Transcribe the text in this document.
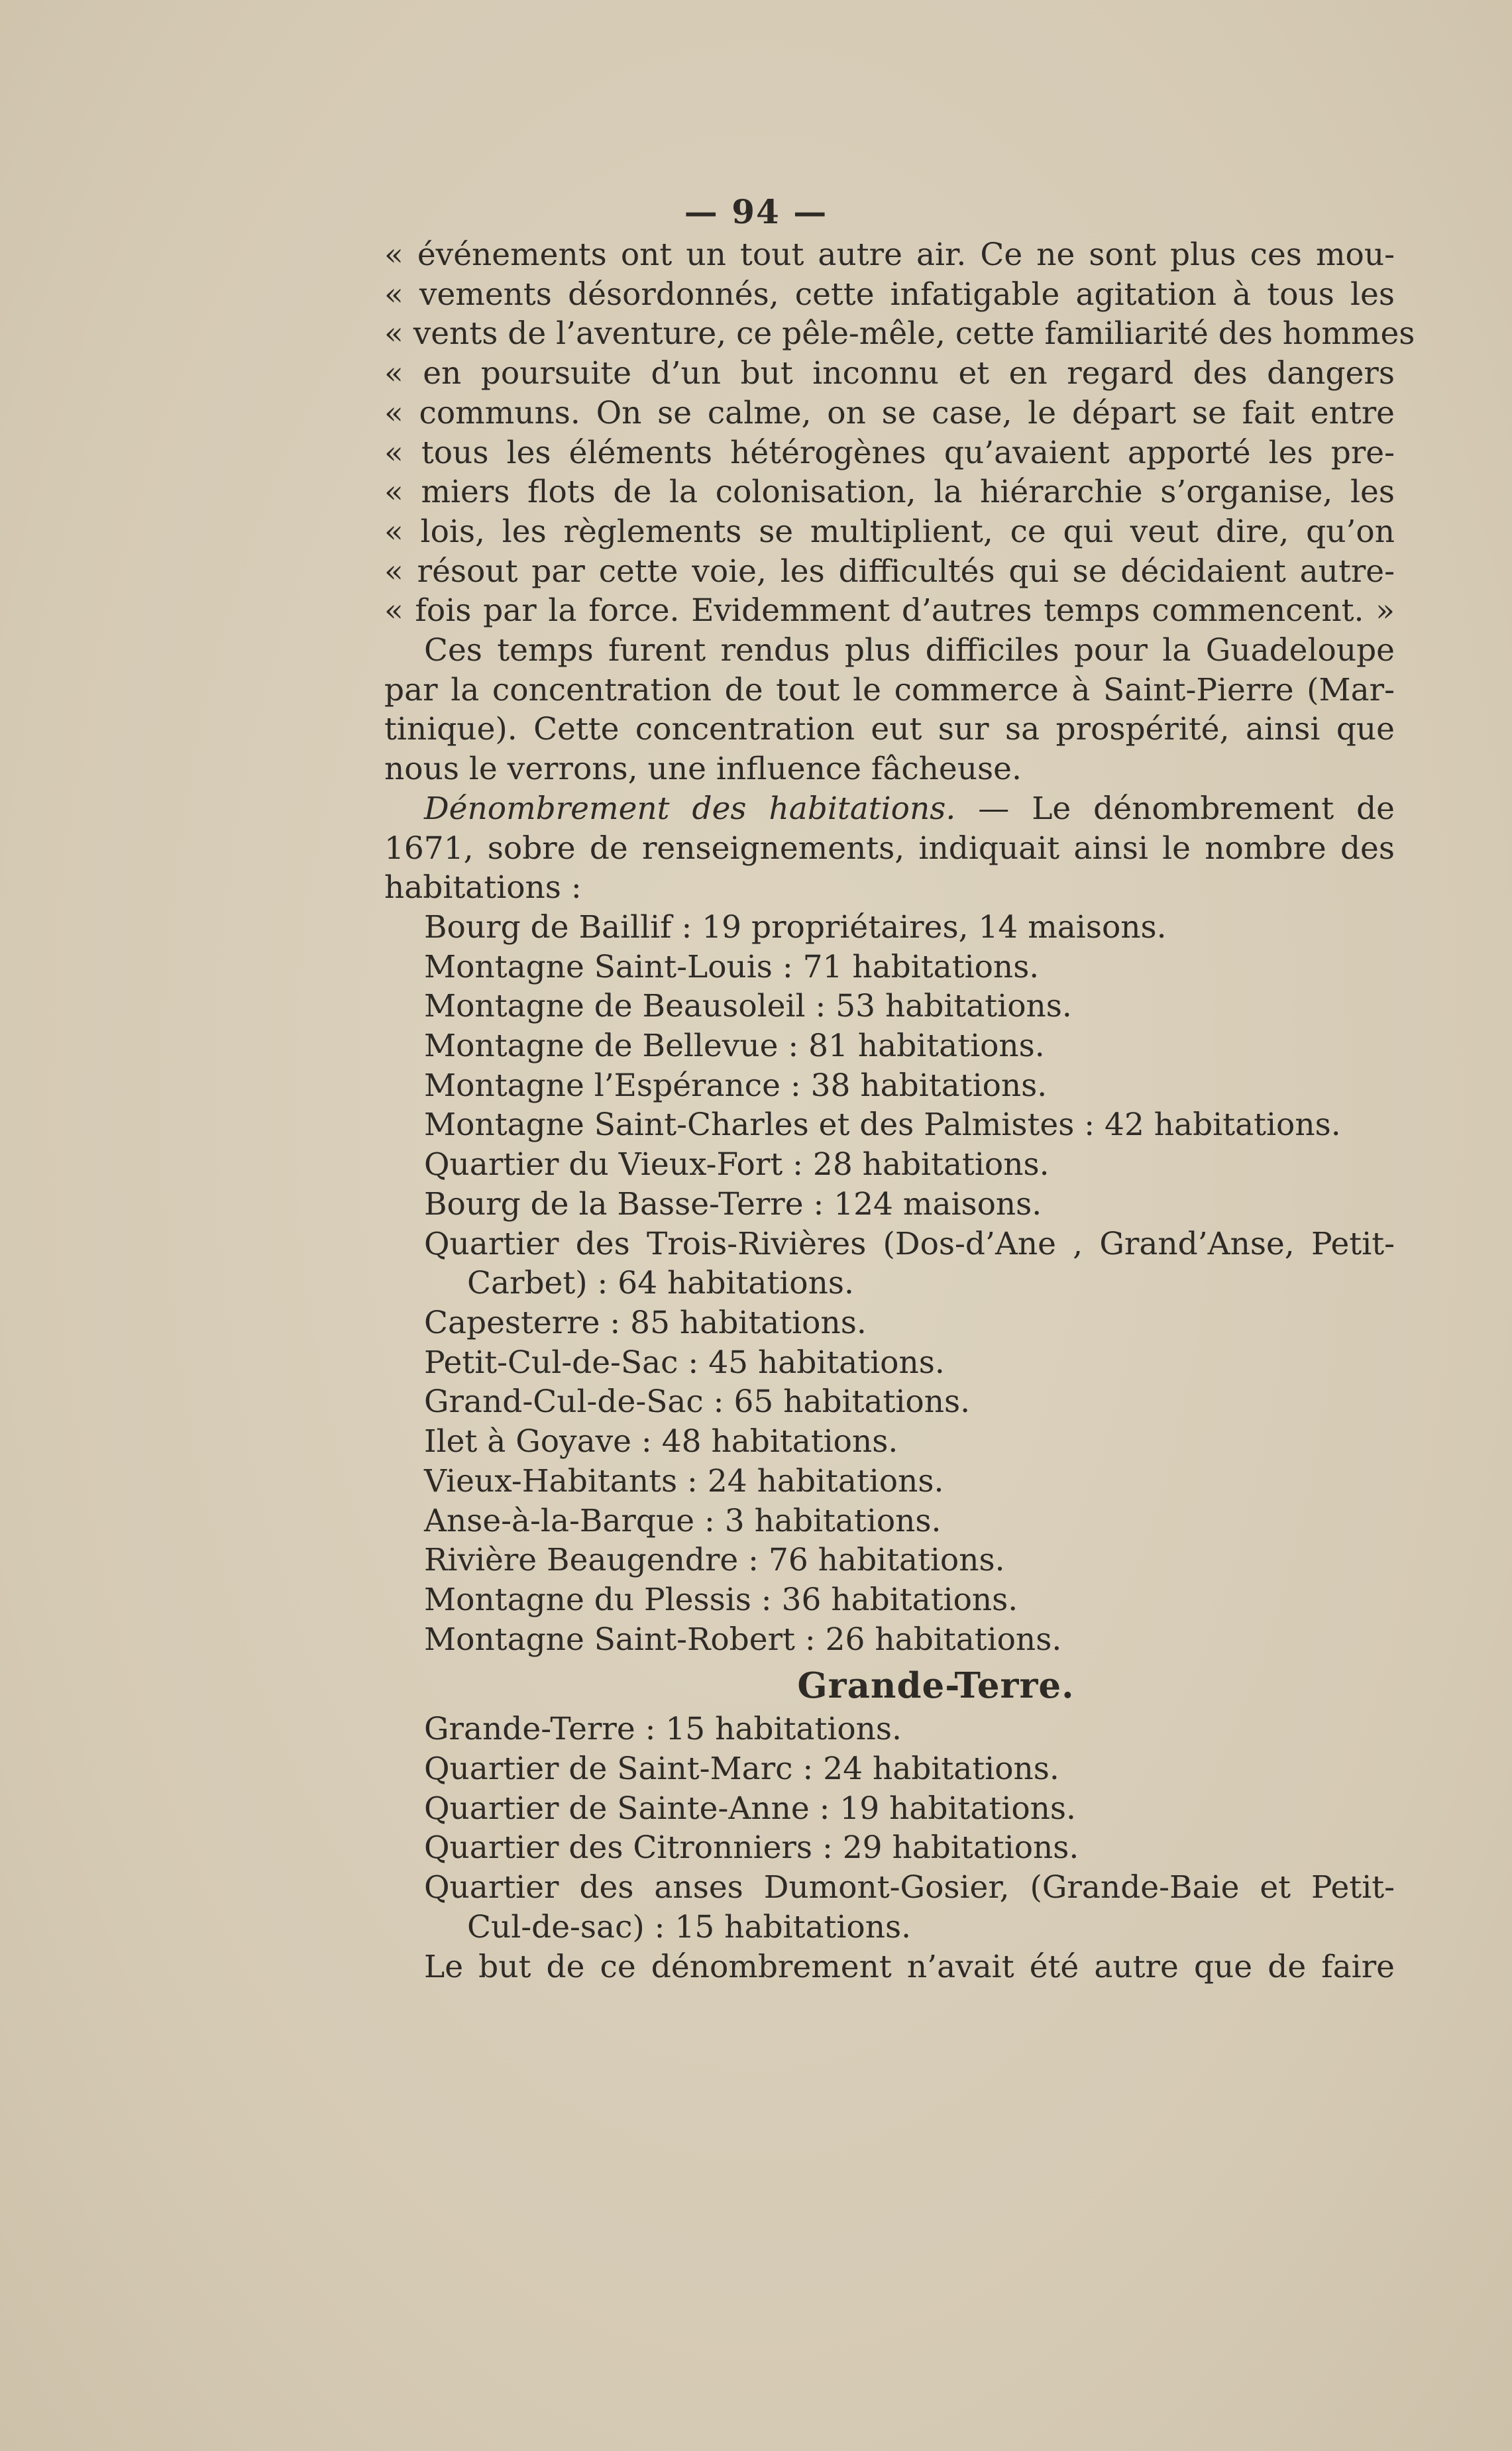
— 94 —
« événements ont un tout autre air. Ce ne sont plus ces mou-
« vements désordonnés, cette infatigable agitation à tous les
« vents de l’aventure, ce pêle-mêle, cette familiarité des hommes
« en poursuite d’un but inconnu et en regard des dangers
« communs. On se calme, on se case, le départ se fait entre
« tous les éléments hétérogènes qu’avaient apporté les pre-
« miers flots de la colonisation, la hiérarchie s’organise, les
« lois, les règlements se multiplient, ce qui veut dire, qu’on
« résout par cette voie, les difficultés qui se décidaient autre-
« fois par la force. Evidemment d’autres temps commencent. »
Ces temps furent rendus plus difficiles pour la Guadeloupe
par la concentration de tout le commerce à Saint-Pierre (Mar-
tinique). Cette concentration eut sur sa prospérité, ainsi que
nous le verrons, une influence fâcheuse.
Dénombrement des habitations. — Le dénombrement de
1671, sobre de renseignements, indiquait ainsi le nombre des
habitations :
Bourg de Baillif : 19 propriétaires, 14 maisons.
Montagne Saint-Louis : 71 habitations.
Montagne de Beausoleil : 53 habitations.
Montagne de Bellevue : 81 habitations.
Montagne l’Espérance : 38 habitations.
Montagne Saint-Charles et des Palmistes : 42 habitations.
Quartier du Vieux-Fort : 28 habitations.
Bourg de la Basse-Terre : 124 maisons.
Quartier des Trois-Rivières (Dos-d’Ane , Grand’Anse, Petit-
Carbet) : 64 habitations.
Capesterre : 85 habitations.
Petit-Cul-de-Sac : 45 habitations.
Grand-Cul-de-Sac : 65 habitations.
Ilet à Goyave : 48 habitations.
Vieux-Habitants : 24 habitations.
Anse-à-la-Barque : 3 habitations.
Rivière Beaugendre : 76 habitations.
Montagne du Plessis : 36 habitations.
Montagne Saint-Robert : 26 habitations.
Grande-Terre.
Grande-Terre : 15 habitations.
Quartier de Saint-Marc : 24 habitations.
Quartier de Sainte-Anne : 19 habitations.
Quartier des Citronniers : 29 habitations.
Quartier des anses Dumont-Gosier, (Grande-Baie et Petit-
Cul-de-sac) : 15 habitations.
Le but de ce dénombrement n’avait été autre que de faire
